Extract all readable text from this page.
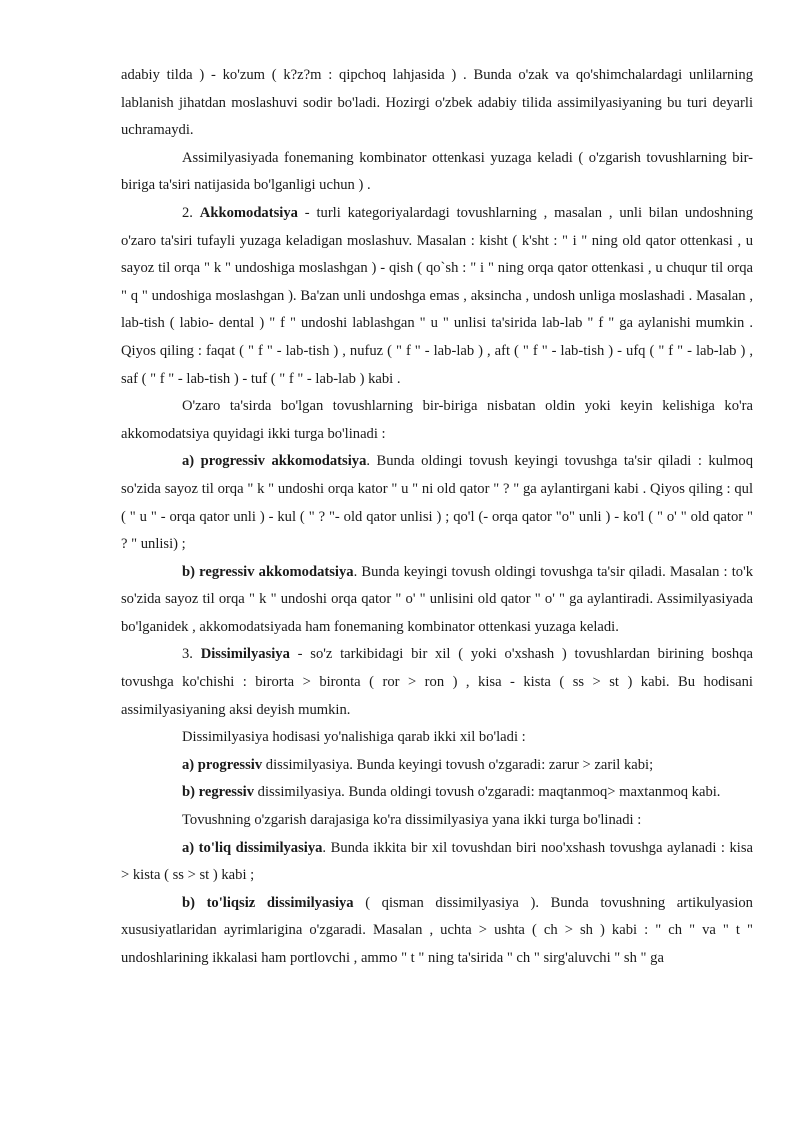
adabiy tilda ) - ko'zum ( k?z?m : qipchoq lahjasida ) . Bunda o'zak va qo'shimchalardagi unlilarning lablanish jihatdan moslashuvi sodir bo'ladi. Hozirgi o'zbek adabiy tilida assimilyasiyaning bu turi deyarli uchramaydi.

Assimilyasiyada fonemaning kombinator ottenkasi yuzaga keladi ( o'zgarish tovushlarning bir-biriga ta'siri natijasida bo'lganligi uchun ) .

2. Akkomodatsiya - turli kategoriyalardagi tovushlarning , masalan , unli bilan undoshning o'zaro ta'siri tufayli yuzaga keladigan moslashuv. Masalan : kisht ( k'sht : " i " ning old qator ottenkasi , u sayoz til orqa " k " undoshiga moslashgan ) - qish ( qo`sh : " i " ning orqa qator ottenkasi , u chuqur til orqa " q " undoshiga moslashgan ). Ba'zan unli undoshga emas , aksincha , undosh unliga moslashadi . Masalan , lab-tish ( labio- dental ) " f " undoshi lablashgan " u " unlisi ta'sirida lab-lab " f " ga aylanishi mumkin . Qiyos qiling : faqat ( " f " - lab-tish ) , nufuz ( " f " - lab-lab ) , aft ( " f " - lab-tish ) - ufq ( " f " - lab-lab ) , saf ( " f " - lab-tish ) - tuf ( " f " - lab-lab ) kabi .

O'zaro ta'sirda bo'lgan tovushlarning bir-biriga nisbatan oldin yoki keyin kelishiga ko'ra akkomodatsiya quyidagi ikki turga bo'linadi :

a) progressiv akkomodatsiya. Bunda oldingi tovush keyingi tovushga ta'sir qiladi : kulmoq so'zida sayoz til orqa " k " undoshi orqa kator " u " ni old qator " ? " ga aylantirgani kabi . Qiyos qiling : qul ( " u " - orqa qator unli ) - kul ( " ? "- old qator unlisi ) ; qo'l (- orqa qator "o" unli ) - ko'l ( " o' " old qator " ? " unlisi) ;

b) regressiv akkomodatsiya. Bunda keyingi tovush oldingi tovushga ta'sir qiladi. Masalan : to'k so'zida sayoz til orqa " k " undoshi orqa qator " o' " unlisini old qator " o' " ga aylantiradi. Assimilyasiyada bo'lganidek , akkomodatsiyada ham fonemaning kombinator ottenkasi yuzaga keladi.

3. Dissimilyasiya - so'z tarkibidagi bir xil ( yoki o'xshash ) tovushlardan birining boshqa tovushga ko'chishi : birorta > bironta ( ror > ron ) , kisa - kista ( ss > st ) kabi. Bu hodisani assimilyasiyaning aksi deyish mumkin.

Dissimilyasiya hodisasi yo'nalishiga qarab ikki xil bo'ladi :

a) progressiv dissimilyasiya. Bunda keyingi tovush o'zgaradi: zarur > zaril kabi;

b) regressiv dissimilyasiya. Bunda oldingi tovush o'zgaradi: maqtanmoq> maxtanmoq kabi.

Tovushning o'zgarish darajasiga ko'ra dissimilyasiya yana ikki turga bo'linadi :

a) to'liq dissimilyasiya. Bunda ikkita bir xil tovushdan biri noo'xshash tovushga aylanadi : kisa > kista ( ss > st ) kabi ;

b) to'liqsiz dissimilyasiya ( qisman dissimilyasiya ). Bunda tovushning artikulyasion xususiyatlaridan ayrimlarigina o'zgaradi. Masalan , uchta > ushta ( ch > sh ) kabi : " ch " va " t " undoshlarining ikkalasi ham portlovchi , ammo " t " ning ta'sirida " ch " sirg'aluvchi " sh " ga
